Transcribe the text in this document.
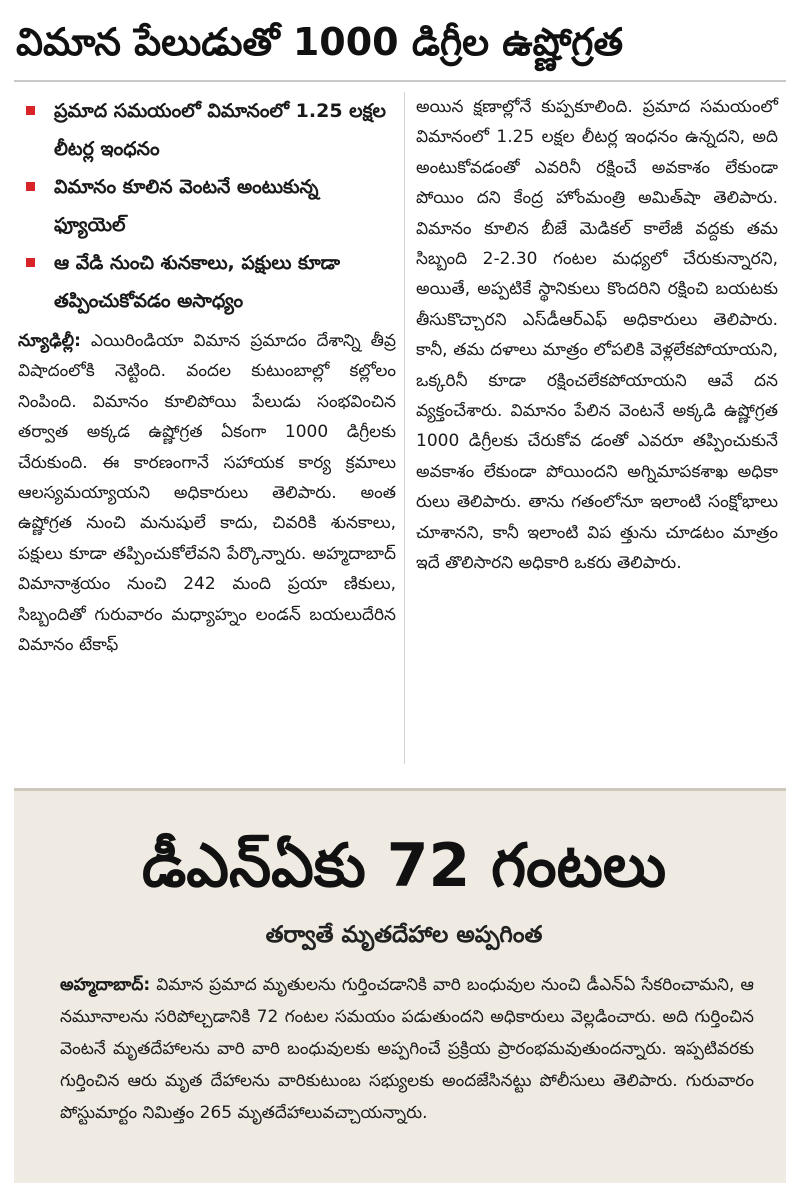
విమాన పేలుడుతో 1000 డిగ్రీల ఉష్ణోగ్రత
ప్రమాద సమయంలో విమానంలో 1.25 లక్షల లీటర్ల ఇంధనం
విమానం కూలిన వెంటనే అంటుకున్న ఫ్యూయెల్
ఆ వేడి నుంచి శునకాలు, పక్షులు కూడా తప్పించుకోవడం అసాధ్యం

న్యూఢిల్లీ: ఎయిరిండియా విమాన ప్రమాదం దేశాన్ని తీవ్ర విషాదంలోకి నెట్టింది. వందల కుటుంబాల్లో కల్లోలం నింపింది. విమానం కూలిపోయి పేలుడు సంభవించిన తర్వాత అక్కడ ఉష్ణోగ్రత ఏకంగా 1000 డిగ్రీలకు చేరుకుంది. ఈ కారణంగానే సహాయక కార్య క్రమాలు ఆలస్యమయ్యాయని అధికారులు తెలిపారు. అంత ఉష్ణోగ్రత నుంచి మనుషులే కాదు, చివరికి శునకాలు, పక్షులు కూడా తప్పించుకోలేవని పేర్కొన్నారు. అహ్మదాబాద్ విమానాశ్రయం నుంచి 242 మంది ప్రయా ణికులు, సిబ్బందితో గురువారం మధ్యాహ్నం లండన్ బయలుదేరిన విమానం టేకాఫ్

అయిన క్షణాల్లోనే కుప్పకూలింది. ప్రమాద సమయంలో విమానంలో 1.25 లక్షల లీటర్ల ఇంధనం ఉన్నదని, అది అంటుకోవడంతో ఎవరినీ రక్షించే అవకాశం లేకుండా పోయిం దని కేంద్ర హోంమంత్రి అమిత్‌షా తెలిపారు. విమానం కూలిన బీజే మెడికల్ కాలేజీ వద్దకు తమ సిబ్బంది 2-2.30 గంటల మధ్యలో చేరుకున్నారని, అయితే, అప్పటికే స్థానికులు కొందరిని రక్షించి బయటకు తీసుకొచ్చారని ఎస్‌డీఆర్‌ఎఫ్ అధికారులు తెలిపారు. కానీ, తమ దళాలు మాత్రం లోపలికి వెళ్లలేకపోయాయని, ఒక్కరినీ కూడా రక్షించలేకపోయాయని ఆవే దన వ్యక్తంచేశారు. విమానం పేలిన వెంటనే అక్కడి ఉష్ణోగ్రత 1000 డిగ్రీలకు చేరుకోవ డంతో ఎవరూ తప్పించుకునే అవకాశం లేకుండా పోయిందని అగ్నిమాపకశాఖ అధికా రులు తెలిపారు. తాను గతంలోనూ ఇలాంటి సంక్షోభాలు చూశానని, కానీ ఇలాంటి విప త్తును చూడటం మాత్రం ఇదే తొలిసారని అధికారి ఒకరు తెలిపారు.

డీఎన్ఏకు 72 గంటలు
తర్వాతే మృతదేహాల అప్పగింత

అహ్మదాబాద్: విమాన ప్రమాద మృతులను గుర్తించడానికి వారి బంధువుల నుంచి డీఎన్ఏ సేకరించామని, ఆ నమూనాలను సరిపోల్చడానికి 72 గంటల సమయం పడుతుందని అధికారులు వెల్లడించారు. అది గుర్తించిన వెంటనే మృతదేహాలను వారి వారి బంధువులకు అప్పగించే ప్రక్రియ ప్రారంభమవుతుందన్నారు. ఇప్పటివరకు గుర్తించిన ఆరు మృత దేహాలను వారికుటుంబ సభ్యులకు అందజేసినట్టు పోలీసులు తెలిపారు. గురువారం పోస్టుమార్టం నిమిత్తం 265 మృతదేహాలువచ్చాయన్నారు.
